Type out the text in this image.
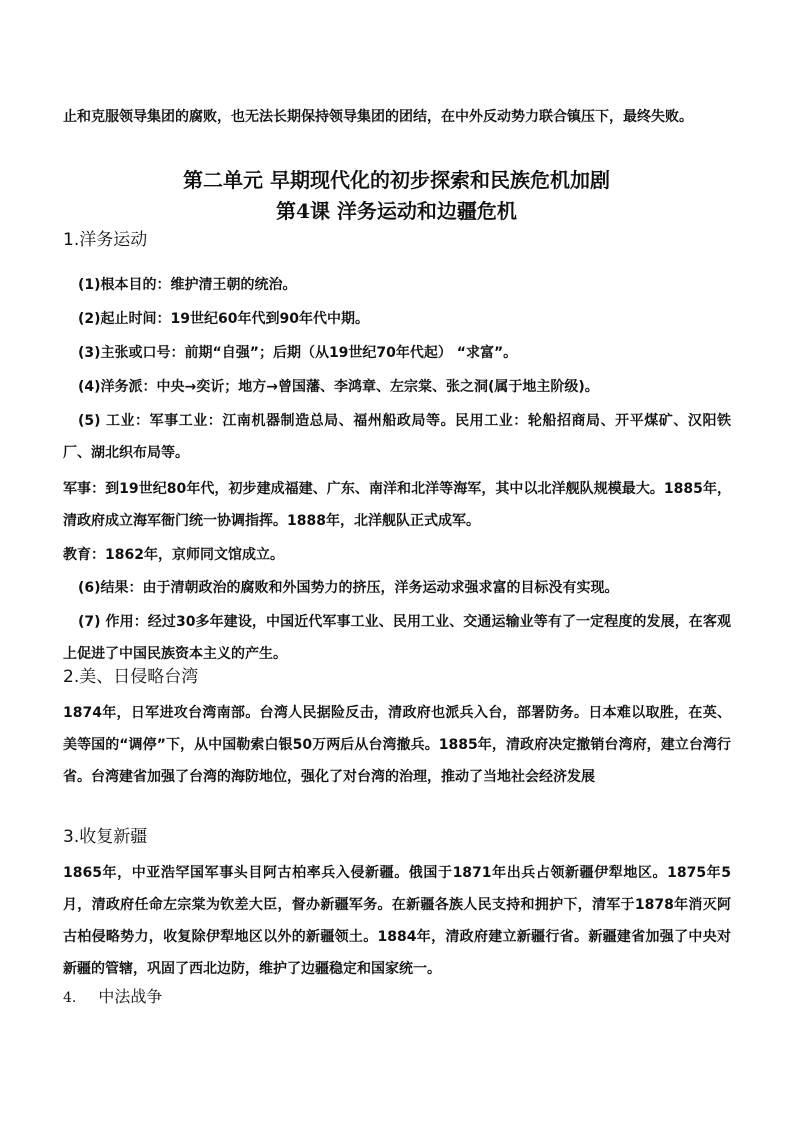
止和克服领导集团的腐败，也无法长期保持领导集团的团结，在中外反动势力联合镇压下，最终失败。

第二单元 早期现代化的初步探索和民族危机加剧
第4课 洋务运动和边疆危机
1.洋务运动

(1)根本目的：维护清王朝的统治。

(2)起止时间：19世纪60年代到90年代中期。

(3)主张或口号：前期“自强”；后期（从19世纪70年代起） “求富”。

(4)洋务派：中央→奕䜣；地方→曾国藩、李鸿章、左宗棠、张之洞(属于地主阶级)。

(5) 工业：军事工业：江南机器制造总局、福州船政局等。民用工业：轮船招商局、开平煤矿、汉阳铁厂、湖北织布局等。

军事：到19世纪80年代，初步建成福建、广东、南洋和北洋等海军，其中以北洋舰队规模最大。1885年，清政府成立海军衙门统一协调指挥。1888年，北洋舰队正式成军。

教育：1862年，京师同文馆成立。

(6)结果：由于清朝政治的腐败和外国势力的挤压，洋务运动求强求富的目标没有实现。

(7) 作用：经过30多年建设，中国近代军事工业、民用工业、交通运输业等有了一定程度的发展，在客观上促进了中国民族资本主义的产生。

2.美、日侵略台湾

1874年，日军进攻台湾南部。台湾人民据险反击，清政府也派兵入台，部署防务。日本难以取胜，在英、美等国的“调停”下，从中国勒索白银50万两后从台湾撤兵。1885年，清政府决定撤销台湾府，建立台湾行省。台湾建省加强了台湾的海防地位，强化了对台湾的治理，推动了当地社会经济发展

3.收复新疆

1865年，中亚浩罕国军事头目阿古柏率兵入侵新疆。俄国于1871年出兵占领新疆伊犁地区。1875年5月，清政府任命左宗棠为钦差大臣，督办新疆军务。在新疆各族人民支持和拥护下，清军于1878年消灭阿古柏侵略势力，收复除伊犁地区以外的新疆领土。1884年，清政府建立新疆行省。新疆建省加强了中央对新疆的管辖，巩固了西北边防，维护了边疆稳定和国家统一。

4. 中法战争
